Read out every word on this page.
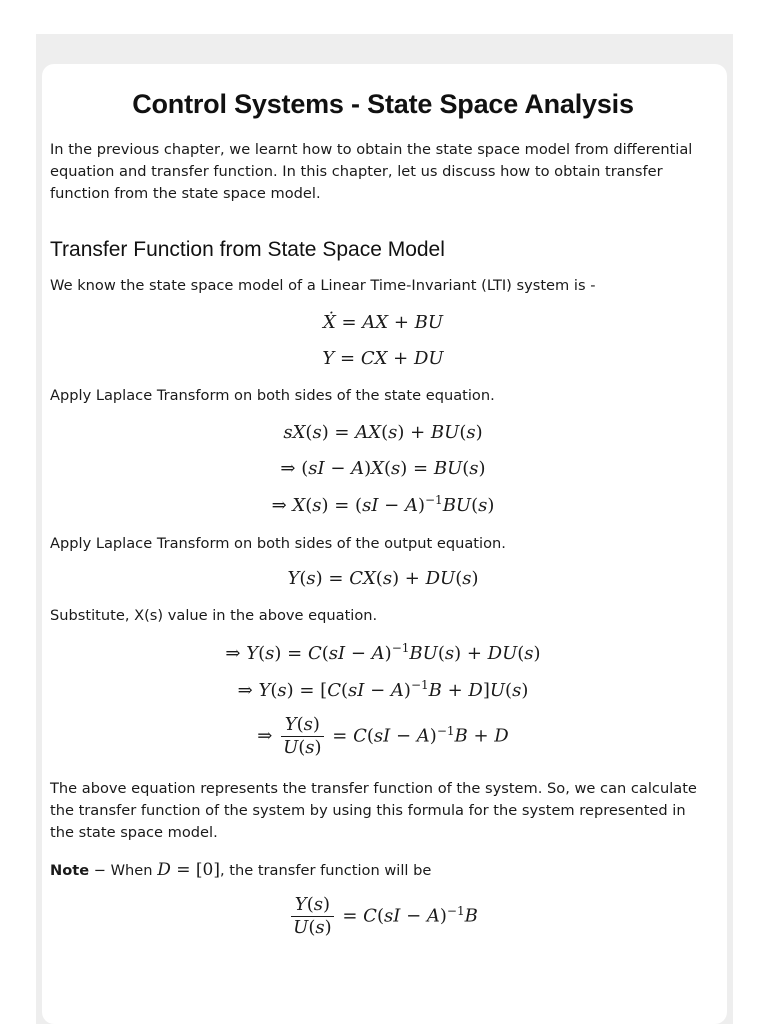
Control Systems - State Space Analysis

In the previous chapter, we learnt how to obtain the state space model from differential equation and transfer function. In this chapter, let us discuss how to obtain transfer function from the state space model.

Transfer Function from State Space Model

We know the state space model of a Linear Time-Invariant (LTI) system is -

Ẋ = AX + BU
Y = CX + DU

Apply Laplace Transform on both sides of the state equation.

sX(s) = AX(s) + BU(s)
⇒ (sI − A)X(s) = BU(s)
⇒ X(s) = (sI − A)$^{-1}$BU(s)

Apply Laplace Transform on both sides of the output equation.

Y(s) = CX(s) + DU(s)

Substitute, X(s) value in the above equation.

⇒ Y(s) = C(sI − A)$^{-1}$BU(s) + DU(s)
⇒ Y(s) = [C(sI − A)$^{-1}$B + D]U(s)
⇒ $\frac{Y(s)}{U(s)} = C(sI - A)^{-1}B + D$

The above equation represents the transfer function of the system. So, we can calculate the transfer function of the system by using this formula for the system represented in the state space model.

Note − When D = [0], the transfer function will be

$\frac{Y(s)}{U(s)} = C(sI - A)^{-1}B$
